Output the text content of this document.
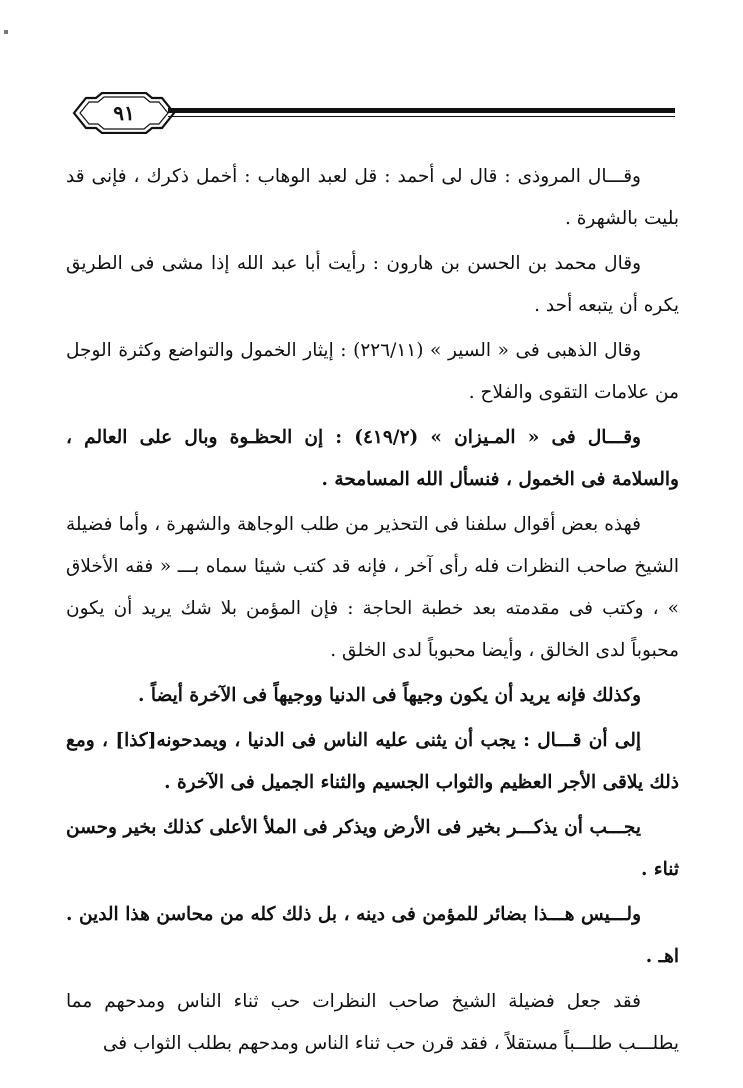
٩١

وقـــال المروذى : قال لى أحمد : قل لعبد الوهاب : أخمل ذكرك ، فإنى قد بليت بالشهرة .

وقال محمد بن الحسن بن هارون : رأيت أبا عبد الله إذا مشى فى الطريق يكره أن يتبعه أحد .

وقال الذهبى فى « السير » (٢٢٦/١١) : إيثار الخمول والتواضع وكثرة الوجل من علامات التقوى والفلاح .

وقـــال فى « المـيزان » (٤١٩/٢) : إن الحظـوة وبال على العالم ، والسلامة فى الخمول ، فنسأل الله المسامحة .

فهذه بعض أقوال سلفنا فى التحذير من طلب الوجاهة والشهرة ، وأما فضيلة الشيخ صاحب النظرات فله رأى آخر ، فإنه قد كتب شيئا سماه بـــ « فقه الأخلاق » ، وكتب فى مقدمته بعد خطبة الحاجة : فإن المؤمن بلا شك يريد أن يكون محبوباً لدى الخالق ، وأيضا محبوباً لدى الخلق .

وكذلك فإنه يريد أن يكون وجيهاً فى الدنيا ووجيهاً فى الآخرة أيضاً .

إلى أن قـــال : يجب أن يثنى عليه الناس فى الدنيا ، ويمدحونه[كذا] ، ومع ذلك يلاقى الأجر العظيم والثواب الجسيم والثناء الجميل فى الآخرة .

يجـــب أن يذكـــر بخير فى الأرض ويذكر فى الملأ الأعلى كذلك بخير وحسن ثناء .

ولـــيس هـــذا بضائر للمؤمن فى دينه ، بل ذلك كله من محاسن هذا الدين . اهـ .

فقد جعل فضيلة الشيخ صاحب النظرات حب ثناء الناس ومدحهم مما يطلـــب طلـــباً مستقلاً ، فقد قرن حب ثناء الناس ومدحهم بطلب الثواب فى
